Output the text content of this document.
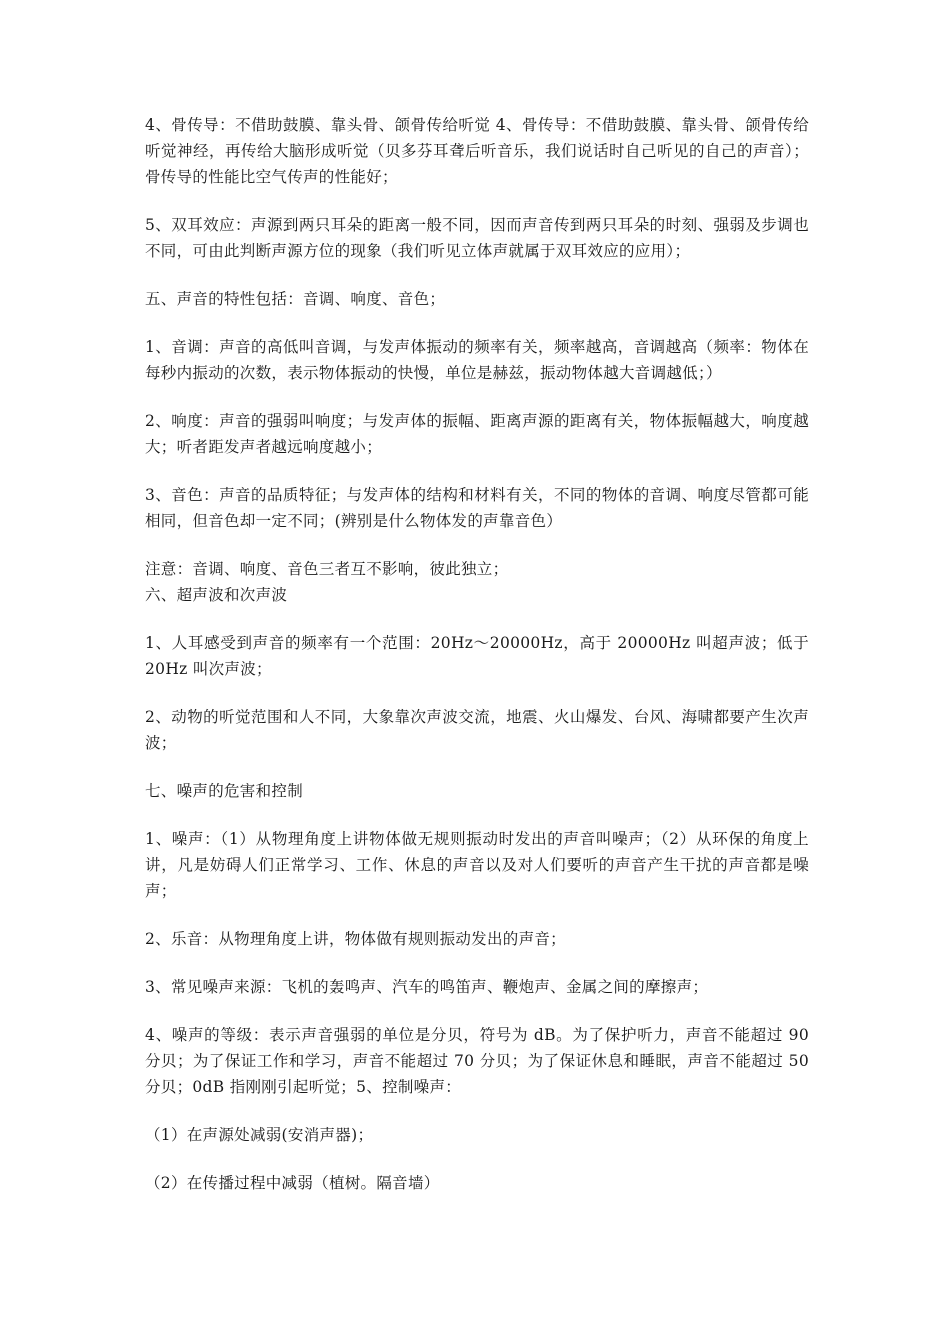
4、骨传导：不借助鼓膜、靠头骨、颌骨传给听觉 4、骨传导：不借助鼓膜、靠头骨、颌骨传给听觉神经，再传给大脑形成听觉（贝多芬耳聋后听音乐，我们说话时自己听见的自己的声音）；骨传导的性能比空气传声的性能好；

5、双耳效应：声源到两只耳朵的距离一般不同，因而声音传到两只耳朵的时刻、强弱及步调也不同，可由此判断声源方位的现象（我们听见立体声就属于双耳效应的应用）；

五、声音的特性包括：音调、响度、音色；

1、音调：声音的高低叫音调，与发声体振动的频率有关，频率越高，音调越高（频率：物体在每秒内振动的次数，表示物体振动的快慢，单位是赫兹，振动物体越大音调越低；）

2、响度：声音的强弱叫响度；与发声体的振幅、距离声源的距离有关，物体振幅越大，响度越大；听者距发声者越远响度越小；

3、音色：声音的品质特征；与发声体的结构和材料有关，不同的物体的音调、响度尽管都可能相同，但音色却一定不同；(辨别是什么物体发的声靠音色）

注意：音调、响度、音色三者互不影响，彼此独立；

六、超声波和次声波

1、人耳感受到声音的频率有一个范围：20Hz～20000Hz，高于 20000Hz 叫超声波；低于 20Hz 叫次声波；

2、动物的听觉范围和人不同，大象靠次声波交流，地震、火山爆发、台风、海啸都要产生次声波；

七、噪声的危害和控制

1、噪声：（1）从物理角度上讲物体做无规则振动时发出的声音叫噪声；（2）从环保的角度上讲，凡是妨碍人们正常学习、工作、休息的声音以及对人们要听的声音产生干扰的声音都是噪声；

2、乐音：从物理角度上讲，物体做有规则振动发出的声音；

3、常见噪声来源：飞机的轰鸣声、汽车的鸣笛声、鞭炮声、金属之间的摩擦声；

4、噪声的等级：表示声音强弱的单位是分贝，符号为 dB。为了保护听力，声音不能超过 90 分贝；为了保证工作和学习，声音不能超过 70 分贝；为了保证休息和睡眠，声音不能超过 50 分贝；0dB 指刚刚引起听觉；5、控制噪声：

（1）在声源处减弱(安消声器)；

（2）在传播过程中减弱（植树。隔音墙）
